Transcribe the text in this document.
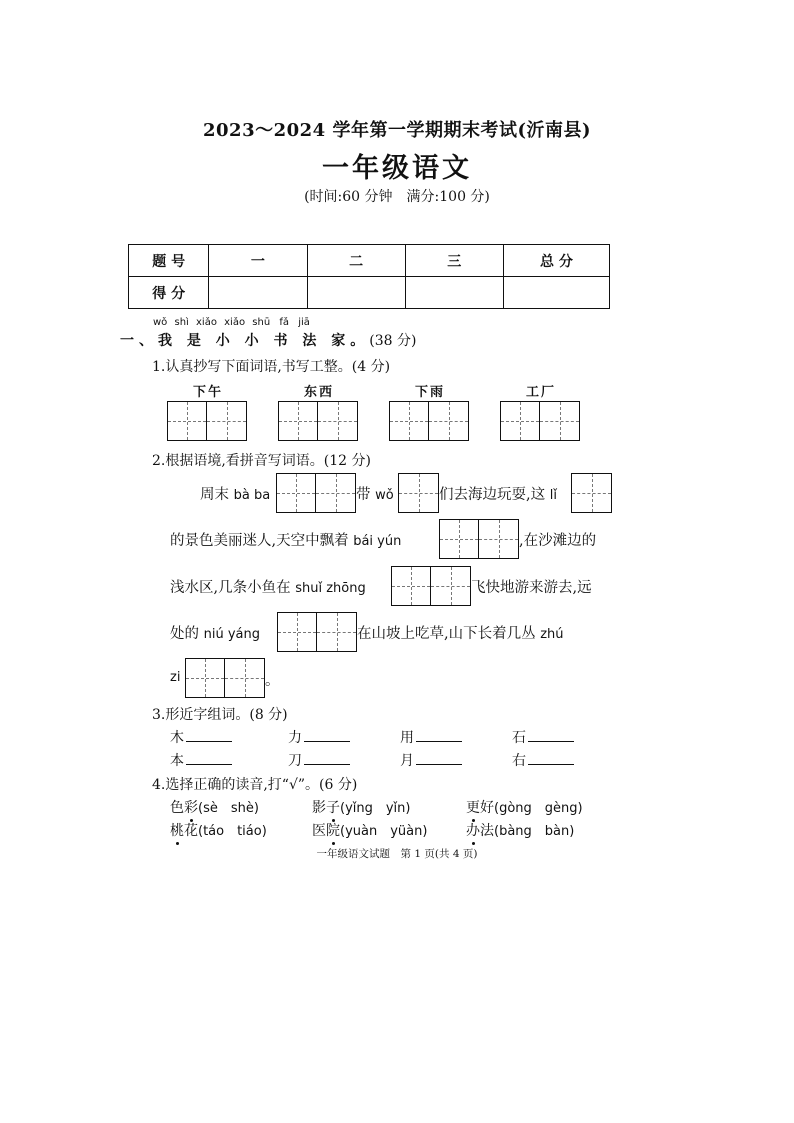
2023～2024 学年第一学期期末考试(沂南县)
一年级语文
(时间:60 分钟　满分:100 分)
题 号	一	二	三	总 分
得 分				
wǒ shì xiǎo xiǎo shū fǎ jiā
一、我 是 小 小 书 法 家。(38 分)
1.认真抄写下面词语,书写工整。(4 分)
下午	东西	下雨	工厂
2.根据语境,看拼音写词语。(12 分)
周末 bà ba	带 wǒ	们去海边玩耍,这 lǐ
的景色美丽迷人,天空中飘着 bái yún	,在沙滩边的
浅水区,几条小鱼在 shuǐ zhōng	飞快地游来游去,远
处的 niú yáng	在山坡上吃草,山下长着几丛 zhú
zi	。
3.形近字组词。(8 分)
木	力	用	石
本	刀	月	右
4.选择正确的读音,打“√”。(6 分)
色彩(sè　shè)	影子(yǐng　yǐn)	更好(gòng　gèng)
桃花(táo　tiáo)	医院(yuàn　yüàn)	办法(bàng　bàn)
一年级语文试题　第 1 页(共 4 页)
